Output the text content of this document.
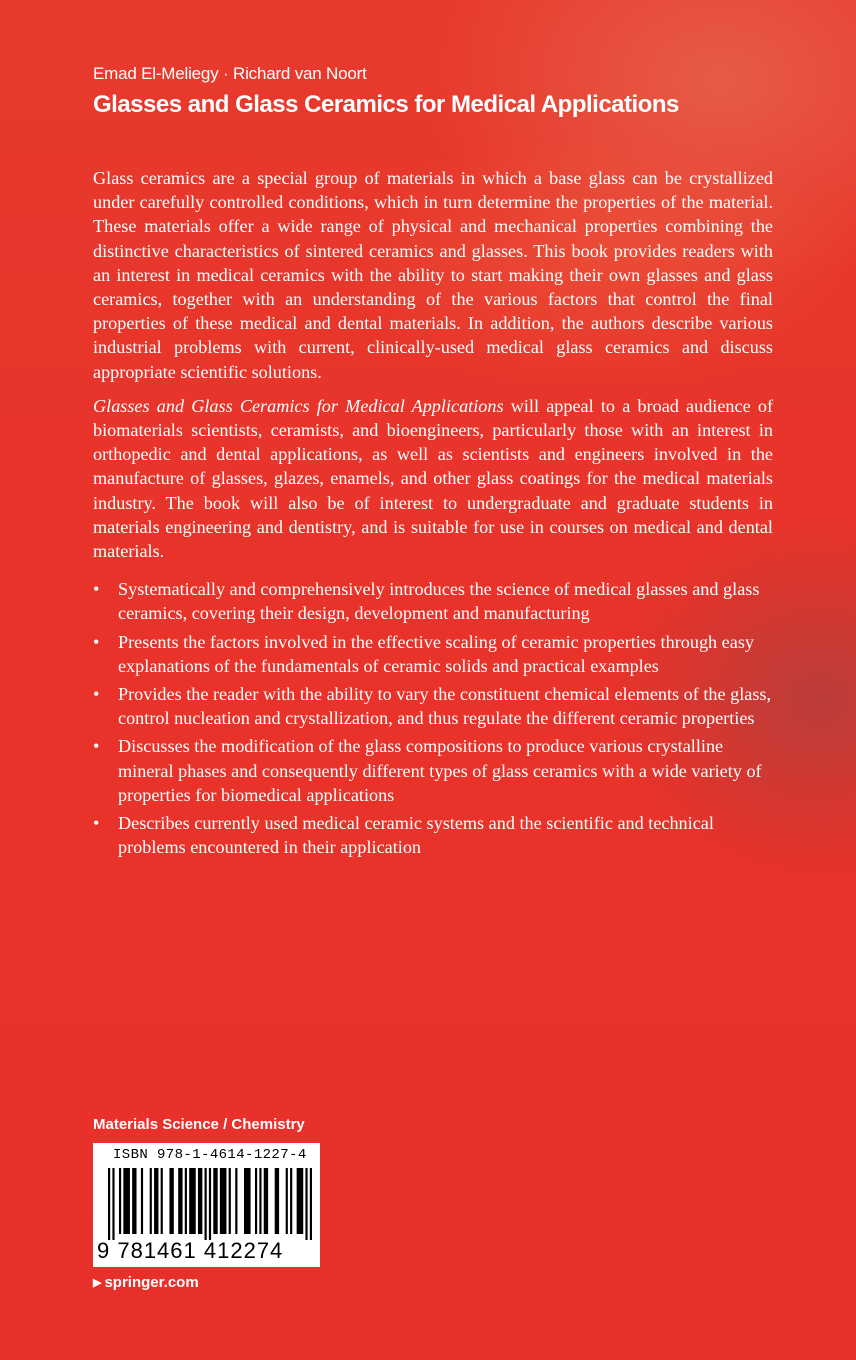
Emad El-Meliegy · Richard van Noort
Glasses and Glass Ceramics for Medical Applications

Glass ceramics are a special group of materials in which a base glass can be crystallized under carefully controlled conditions, which in turn determine the properties of the material. These materials offer a wide range of physical and mechanical properties combining the distinctive characteristics of sintered ceramics and glasses. This book provides readers with an interest in medical ceramics with the ability to start making their own glasses and glass ceramics, together with an understanding of the various factors that control the final properties of these medical and dental materials. In addition, the authors describe various industrial problems with current, clinically-used medical glass ceramics and discuss appropriate scientific solutions.

Glasses and Glass Ceramics for Medical Applications will appeal to a broad audience of biomaterials scientists, ceramists, and bioengineers, particularly those with an interest in orthopedic and dental applications, as well as scientists and engineers involved in the manufacture of glasses, glazes, enamels, and other glass coatings for the medical materials industry. The book will also be of interest to undergraduate and graduate students in materials engineering and dentistry, and is suitable for use in courses on medical and dental materials.

• Systematically and comprehensively introduces the science of medical glasses and glass ceramics, covering their design, development and manufacturing
• Presents the factors involved in the effective scaling of ceramic properties through easy explanations of the fundamentals of ceramic solids and practical examples
• Provides the reader with the ability to vary the constituent chemical elements of the glass, control nucleation and crystallization, and thus regulate the different ceramic properties
• Discusses the modification of the glass compositions to produce various crystalline mineral phases and consequently different types of glass ceramics with a wide variety of properties for biomedical applications
• Describes currently used medical ceramic systems and the scientific and technical problems encountered in their application
Materials Science / Chemistry
ISBN 978-1-4614-1227-4
9 781461 412274
▶ springer.com
